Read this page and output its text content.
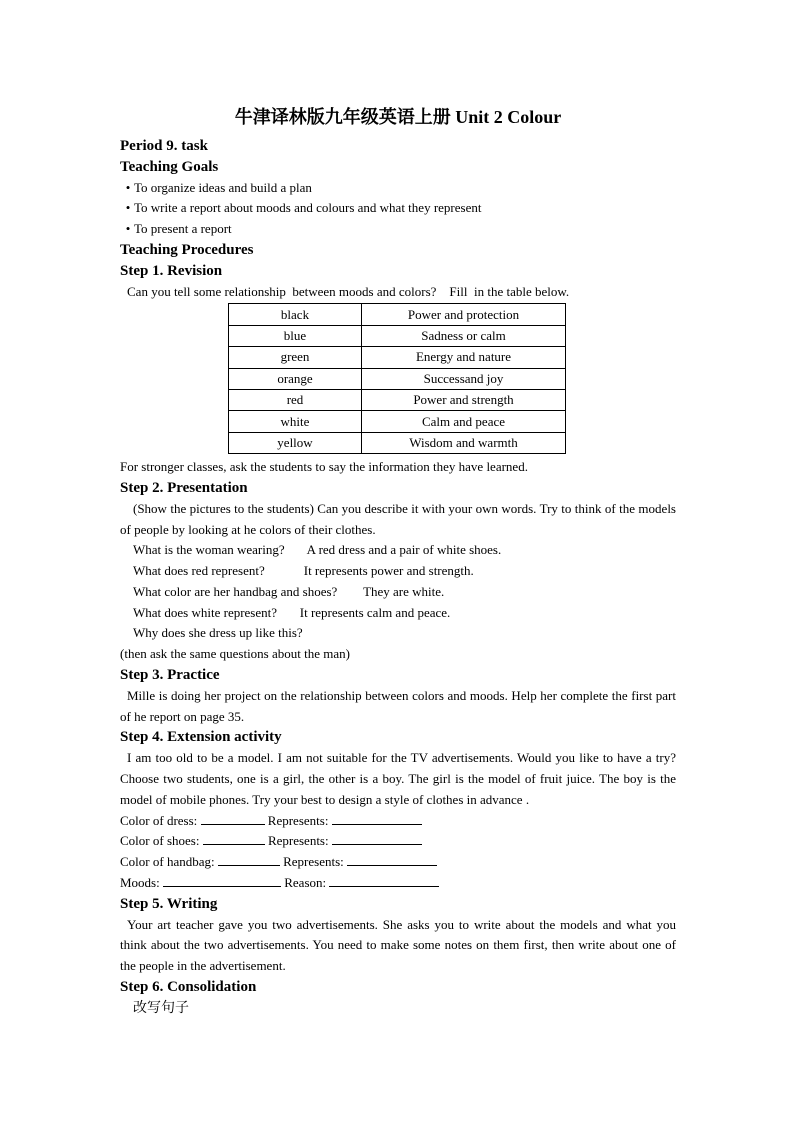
牛津译林版九年级英语上册 Unit 2 Colour
Period 9. task
Teaching Goals
• To organize ideas and build a plan
• To write a report about moods and colours and what they represent
• To present a report
Teaching Procedures
Step 1. Revision
Can you tell some relationship  between moods and colors?    Fill  in the table below.
black	Power and protection
blue	Sadness or calm
green	Energy and nature
orange	Successand joy
red	Power and strength
white	Calm and peace
yellow	Wisdom and warmth
For stronger classes, ask the students to say the information they have learned.
Step 2. Presentation
(Show the pictures to the students) Can you describe it with your own words. Try to think of the models of people by looking at he colors of their clothes.
What is the woman wearing?       A red dress and a pair of white shoes.
What does red represent?            It represents power and strength.
What color are her handbag and shoes?        They are white.
What does white represent?       It represents calm and peace.
Why does she dress up like this?
(then ask the same questions about the man)
Step 3. Practice
Mille is doing her project on the relationship between colors and moods. Help her complete the first part of he report on page 35.
Step 4. Extension activity
I am too old to be a model. I am not suitable for the TV advertisements. Would you like to have a try? Choose two students, one is a girl, the other is a boy. The girl is the model of fruit juice. The boy is the model of mobile phones. Try your best to design a style of clothes in advance .
Color of dress:	Represents:
Color of shoes:	Represents:
Color of handbag:	Represents:
Moods:	Reason:
Step 5. Writing
Your art teacher gave you two advertisements. She asks you to write about the models and what you think about the two advertisements. You need to make some notes on them first, then write about one of the people in the advertisement.
Step 6. Consolidation
改写句子
